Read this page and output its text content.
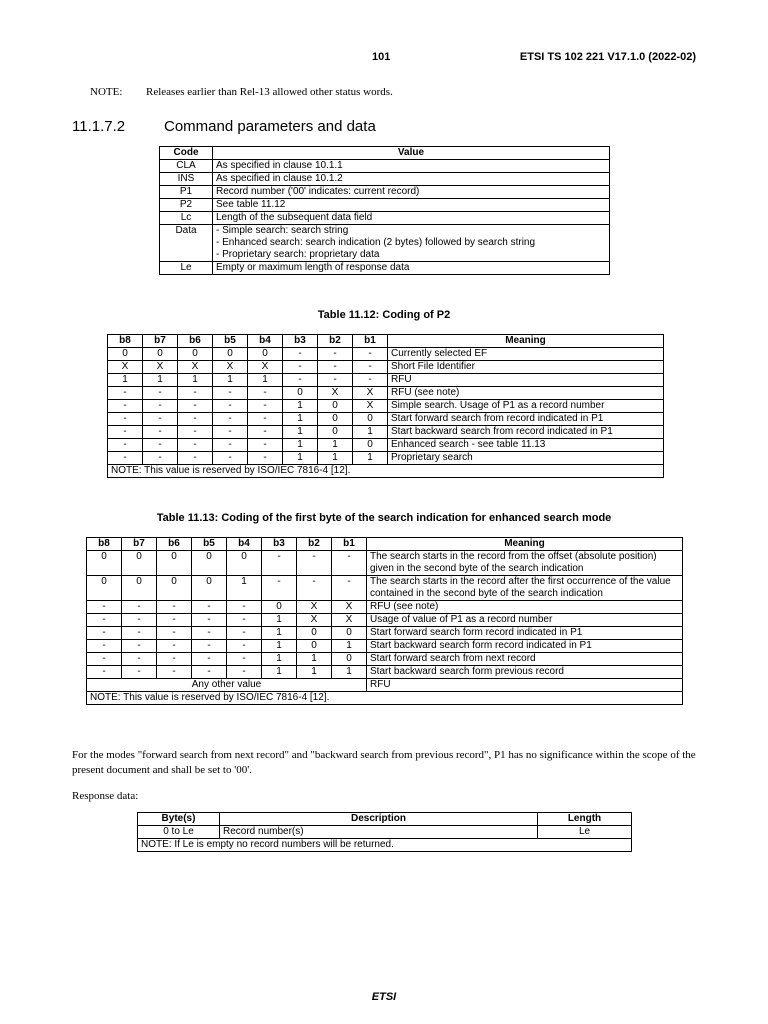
101	ETSI TS 102 221 V17.1.0 (2022-02)
NOTE: Releases earlier than Rel-13 allowed other status words.
11.1.7.2	Command parameters and data
Code	Value
CLA	As specified in clause 10.1.1
INS	As specified in clause 10.1.2
P1	Record number ('00' indicates: current record)
P2	See table 11.12
Lc	Length of the subsequent data field
Data	- Simple search: search string
- Enhanced search: search indication (2 bytes) followed by search string
- Proprietary search: proprietary data

Le	Empty or maximum length of response data
Table 11.12: Coding of P2
b8	b7	b6	b5	b4	b3	b2	b1	Meaning
0	0	0	0	0	-	-	-	Currently selected EF
X	X	X	X	X	-	-	-	Short File Identifier
1	1	1	1	1	-	-	-	RFU
-	-	-	-	-	0	X	X	RFU (see note)
-	-	-	-	-	1	0	X	Simple search. Usage of P1 as a record number
-	-	-	-	-	1	0	0	Start forward search from record indicated in P1
-	-	-	-	-	1	0	1	Start backward search from record indicated in P1
-	-	-	-	-	1	1	0	Enhanced search - see table 11.13
-	-	-	-	-	1	1	1	Proprietary search
NOTE: This value is reserved by ISO/IEC 7816-4 [12].								
Table 11.13: Coding of the first byte of the search indication for enhanced search mode
b8	b7	b6	b5	b4	b3	b2	b1	Meaning
0	0	0	0	0	-	-	-	The search starts in the record from the offset (absolute position) given in the second byte of the search indication
0	0	0	0	1	-	-	-	The search starts in the record after the first occurrence of the value contained in the second byte of the search indication
-	-	-	-	-	0	X	X	RFU (see note)
-	-	-	-	-	1	X	X	Usage of value of P1 as a record number
-	-	-	-	-	1	0	0	Start forward search form record indicated in P1
-	-	-	-	-	1	0	1	Start backward search form record indicated in P1
-	-	-	-	-	1	1	0	Start forward search from next record
-	-	-	-	-	1	1	1	Start backward search form previous record
Any other value								RFU
NOTE: This value is reserved by ISO/IEC 7816-4 [12].								
For the modes "forward search from next record" and "backward search from previous record", P1 has no significance within the scope of the present document and shall be set to '00'.
Response data:
Byte(s)	Description	Length
0 to Le	Record number(s)	Le
NOTE: If Le is empty no record numbers will be returned.		
ETSI
